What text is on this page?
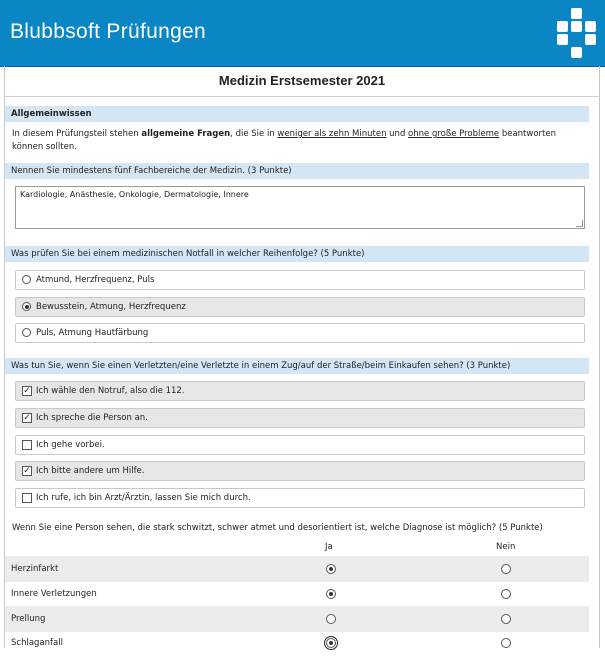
Blubbsoft Prüfungen
Medizin Erstsemester 2021
Allgemeinwissen
In diesem Prüfungsteil stehen allgemeine Fragen, die Sie in weniger als zehn Minuten und ohne große Probleme beantworten können sollten.
Nennen Sie mindestens fünf Fachbereiche der Medizin. (3 Punkte)
Kardiologie, Anästhesie, Onkologie, Dermatologie, Innere
Was prüfen Sie bei einem medizinischen Notfall in welcher Reihenfolge? (5 Punkte)
Atmund, Herzfrequenz, Puls
Bewusstein, Atmung, Herzfrequenz
Puls, Atmung Hautfärbung
Was tun Sie, wenn Sie einen Verletzten/eine Verletzte in einem Zug/auf der Straße/beim Einkaufen sehen? (3 Punkte)
✓ Ich wähle den Notruf, also die 112.
✓ Ich spreche die Person an.
Ich gehe vorbei.
✓ Ich bitte andere um Hilfe.
Ich rufe, ich bin Arzt/Ärztin, lassen Sie mich durch.
Wenn Sie eine Person sehen, die stark schwitzt, schwer atmet und desorientiert ist, welche Diagnose ist möglich? (5 Punkte)
Ja	Nein
Herzinfarkt
Innere Verletzungen
Prellung
Schlaganfall
